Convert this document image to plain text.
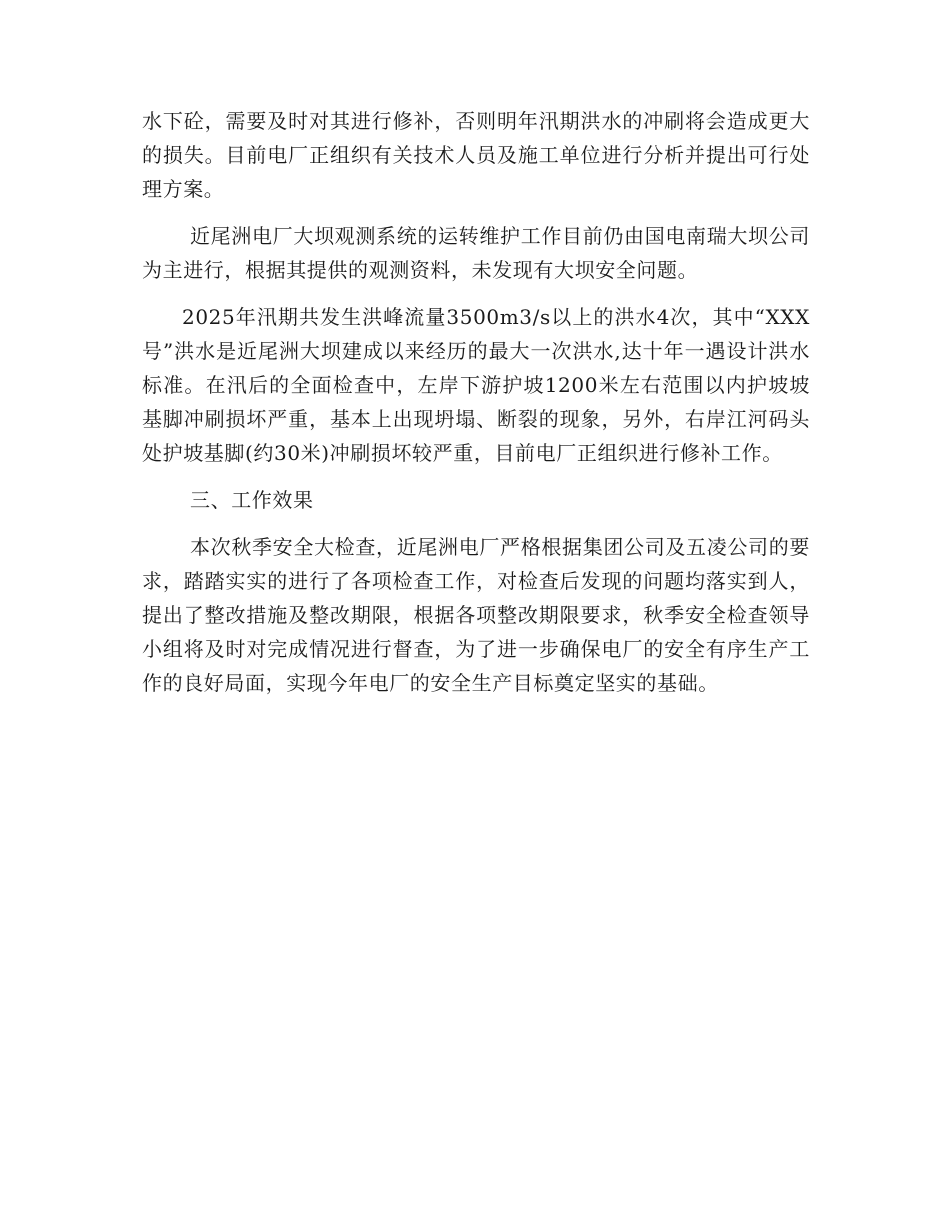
水下砼，需要及时对其进行修补，否则明年汛期洪水的冲刷将会造成更大的损失。目前电厂正组织有关技术人员及施工单位进行分析并提出可行处理方案。

近尾洲电厂大坝观测系统的运转维护工作目前仍由国电南瑞大坝公司为主进行，根据其提供的观测资料，未发现有大坝安全问题。

2025年汛期共发生洪峰流量3500m3/s以上的洪水4次，其中“XXX号”洪水是近尾洲大坝建成以来经历的最大一次洪水,达十年一遇设计洪水标准。在汛后的全面检查中，左岸下游护坡1200米左右范围以内护坡坡基脚冲刷损坏严重，基本上出现坍塌、断裂的现象，另外，右岸江河码头处护坡基脚(约30米)冲刷损坏较严重，目前电厂正组织进行修补工作。

三、工作效果

本次秋季安全大检查，近尾洲电厂严格根据集团公司及五凌公司的要求，踏踏实实的进行了各项检查工作，对检查后发现的问题均落实到人，提出了整改措施及整改期限，根据各项整改期限要求，秋季安全检查领导小组将及时对完成情况进行督查，为了进一步确保电厂的安全有序生产工作的良好局面，实现今年电厂的安全生产目标奠定坚实的基础。
